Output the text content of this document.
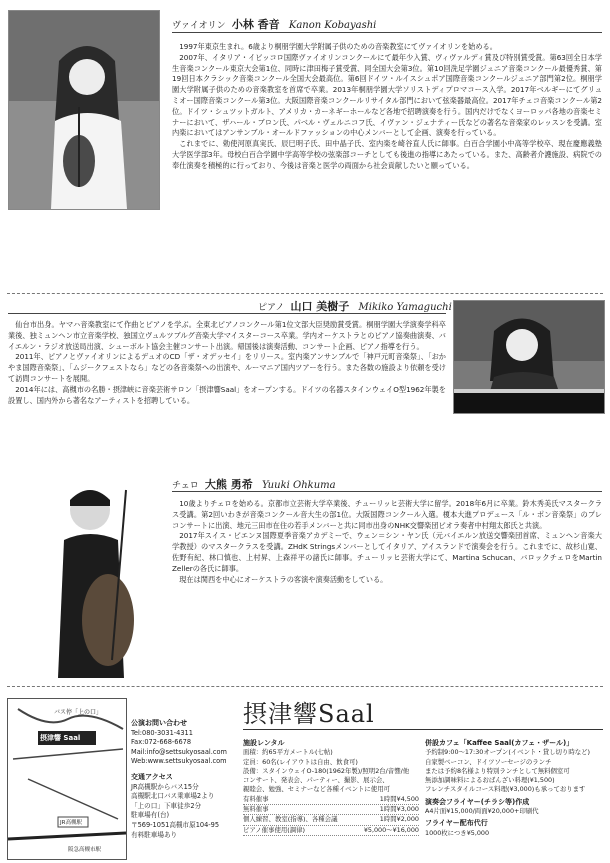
ヴァイオリン 小林 香音 Kanon Kobayashi

1997年東京生まれ。6歳より桐朋学園大学附属子供のための音楽教室にてヴァイオリンを始める。

2007年、イタリア・イビッコロ国際ヴァイオリンコンクールにて最年少入賞、ヴィヴァルディ賞及び特別賞受賞。第63回全日本学生音楽コンクール東京大会第1位、同時に津田梅子賞受賞、同全国大会第3位。第10回洗足学園ジュニア音楽コンクール最優秀賞、第19回日本クラシック音楽コンクール全国大会最高位。第6回ドイツ・ルイスシュポア国際音楽コンクールジュニア部門第2位。桐朋学園大学附属子供のための音楽教室を首席で卒業。2013年桐朋学園大学ソリストディプロマコース入学。2017年ベルギーにてグリュミオー国際音楽コンクール第3位。大阪国際音楽コンクールリサイタル部門において弦楽器最高位。2017年チェコ音楽コンクール第2位。ドイツ・シュツットガルト、アメリカ・カーネギーホールなど各地で招聘演奏を行う。国内だけでなくヨーロッパ各地の音楽セミナーにおいて、ザハール・ブロン氏、パベル・ヴェルニコフ氏、イヴァン・ジェナティー氏などの著名な音楽家のレッスンを受講。室内楽においてはアンサンブル・オールドファッションの中心メンバーとして企画、演奏を行っている。

これまでに、勅使河原真実氏、辰巳明子氏、田中晶子氏、室内楽を崎谷直人氏に師事。白百合学園小中高等学校卒、現在慶應義塾大学医学部3年。母校白百合学園中学高等学校の弦楽部コーチとしても後進の指導にあたっている。また、高齢者介護施設、病院での奉仕演奏を積極的に行っており、今後は音楽と医学の両面から社会貢献したいと願っている。

ピアノ 山口 美樹子 Mikiko Yamaguchi

仙台市出身。ヤマハ音楽教室にて作曲とピアノを学ぶ。全東北ピアノコンクール第1位文部大臣奨励賞受賞。桐朋学園大学演奏学科卒業後、独ミュンヘン市立音楽学校、独国立ヴュルツブルグ音楽大学マイスターコース卒業。学内オーケストラとのピアノ協奏曲演奏、バイエルン・ラジオ放送局出演、シューボルト協会主催コンサート出演。帰国後は演奏活動、コンサート企画、ピアノ指導を行う。

2011年、ピアノとヴァイオリンによるデュオのCD「ザ・オデッセイ」をリリース。室内楽アンサンブルで「神戸元町音楽祭」、「おかやま国際音楽祭」、「ムジークフェストなら」などの各音楽祭への出演や、ルーマニア国内ツアーを行う。また各数の施設より依頼を受けて訪問コンサートを展開。

2014年には、高槻市の名勝・摂津峡に音楽芸術サロン「摂津響Saal」をオープンする。ドイツの名器スタインウェイO型1962年製を設置し、国内外から著名なアーティストを招聘している。

チェロ 大熊 勇希 Yuuki Ohkuma

10歳よりチェロを始める。京都市立芸術大学卒業後、チューリッヒ芸術大学に留学。2018年6月に卒業。鈴木秀美氏マスタークラス受講。第2回いわきが音楽コンクール音大生の部1位。大阪国際コンクール入選。榎本大進プロデュース「ル・ポン音楽祭」のプレコンサートに出演、地元三田市在住の若手メンバーと共に同市出身のNHK交響楽団ビオラ奏者中村翔太郎氏と共演。

2017年スイス・ビエンヌ国際夏季音楽アカデミーで、ウェン＝シン・ヤン氏（元バイエルン放送交響楽団首席、ミュンヘン音楽大学教授）のマスタークラスを受講。ZHdK Stringsメンバーとしてイタリア、アイスランドで演奏会を行う。これまでに、故杉山寛、佐野有紀、林口慎也、上村昇、上森祥平の諸氏に師事。チューリッヒ芸術大学にて、Martina Schucan、バロックチェロをMartin Zellerの各氏に師事。

現在は関西を中心にオーケストラの客演や演奏活動をしている。

バス停「上の口」
摂津響 Saal
JR高槻駅
阪急高槻市駅
公演お問い合わせ
Tel:080-3031-4311
Fax:072-668-6678
Mail:info@settsukyosaal.com
Web:www.settsukyosaal.com
交通アクセス
JR高槻駅からバス15分
高槻駅北口バス乗車場2より
「上の口」下車徒歩2分
駐車場有(台)
〒569-1051高槻市原104-95
有料駐車場あり
摂津響Saal
施設レンタル
面積：約65平方メートル(七帖)
定員：60名(レイアウトは自由、飲食可)
設備：スタインウェイO-180(1962年製)/照明2台/音響/他
コンサート、発表会、パーティー、撮影、展示会、
親睦会、勉強、セミナーなど各種イベントに使用可
有料催事	1時間¥4,500
無料催事	1時間¥3,000
個人練習、教室(指導)、各種会議	1時間¥2,000
ピアノ催事使用(調律)	¥5,000～¥16,000
併設カフェ「Kaffee Saal(カフェ・ザール)」
予約制9:00～17:30オープン(イベント・貸し切り時など)
自家製ベーコン、ドイツソーセージのランチ
または予約8名様より特別ランチとして無料個室可
無添加調味料によるおばんざい料理(¥1,500)
フレンチスタイルコース料理(¥3,000)も承っております
演奏会フライヤー(チラシ等)作成
A4片面¥15,000/両面¥20,000+印刷代
フライヤー配布代行
1000枚につき¥5,000
